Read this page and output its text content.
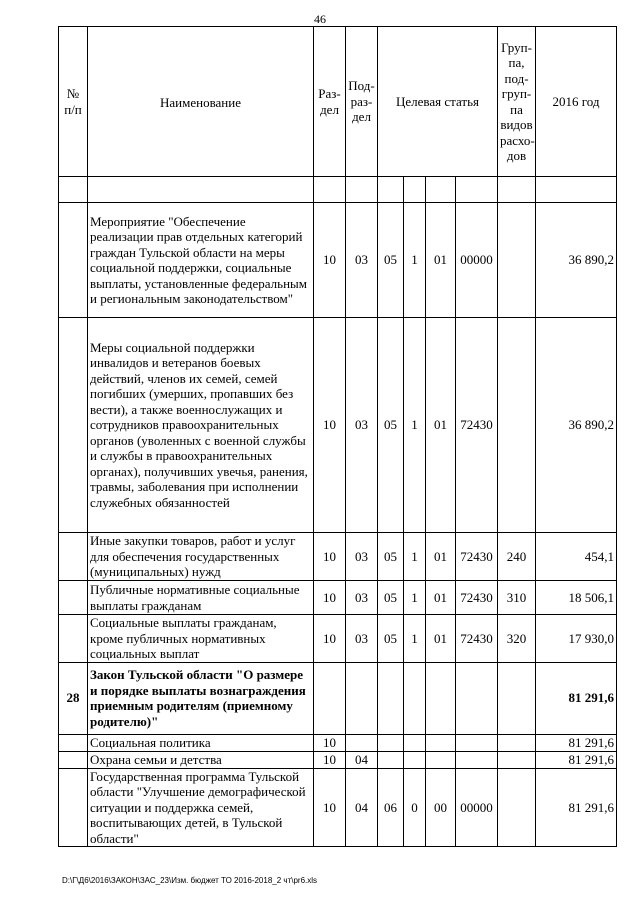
46
№ п/п	Наименование	Раз-дел	Под-раз-дел	Целевая статья				Груп-па, под-груп-па видов расхо-дов	2016 год

	Мероприятие "Обеспечение реализации прав отдельных категорий граждан Тульской области на меры социальной поддержки, социальные выплаты, установленные федеральным и региональным законодательством"	10	03	05	1	01	00000		36 890,2
	Меры социальной поддержки инвалидов и ветеранов боевых действий, членов их семей, семей погибших (умерших, пропавших без вести), а также военнослужащих и сотрудников правоохранительных органов (уволенных с военной службы и службы в правоохранительных органах), получивших увечья, ранения, травмы, заболевания при исполнении служебных обязанностей	10	03	05	1	01	72430		36 890,2
	Иные закупки товаров, работ и услуг для обеспечения государственных (муниципальных) нужд	10	03	05	1	01	72430	240	454,1
	Публичные нормативные социальные выплаты гражданам	10	03	05	1	01	72430	310	18 506,1
	Социальные выплаты гражданам, кроме публичных нормативных социальных выплат	10	03	05	1	01	72430	320	17 930,0
28	Закон Тульской области "О размере и порядке выплаты вознаграждения приемным родителям (приемному родителю)"								81 291,6
	Социальная политика	10							81 291,6
	Охрана семьи и детства	10	04						81 291,6
	Государственная программа Тульской области "Улучшение демографической ситуации и поддержка семей, воспитывающих детей, в Тульской области"	10	04	06	0	00	00000		81 291,6
D:\Г\Д6\2016\ЗАКОН\ЗАС_23\Изм. бюджет ТО 2016-2018_2 чт\pr6.xls
